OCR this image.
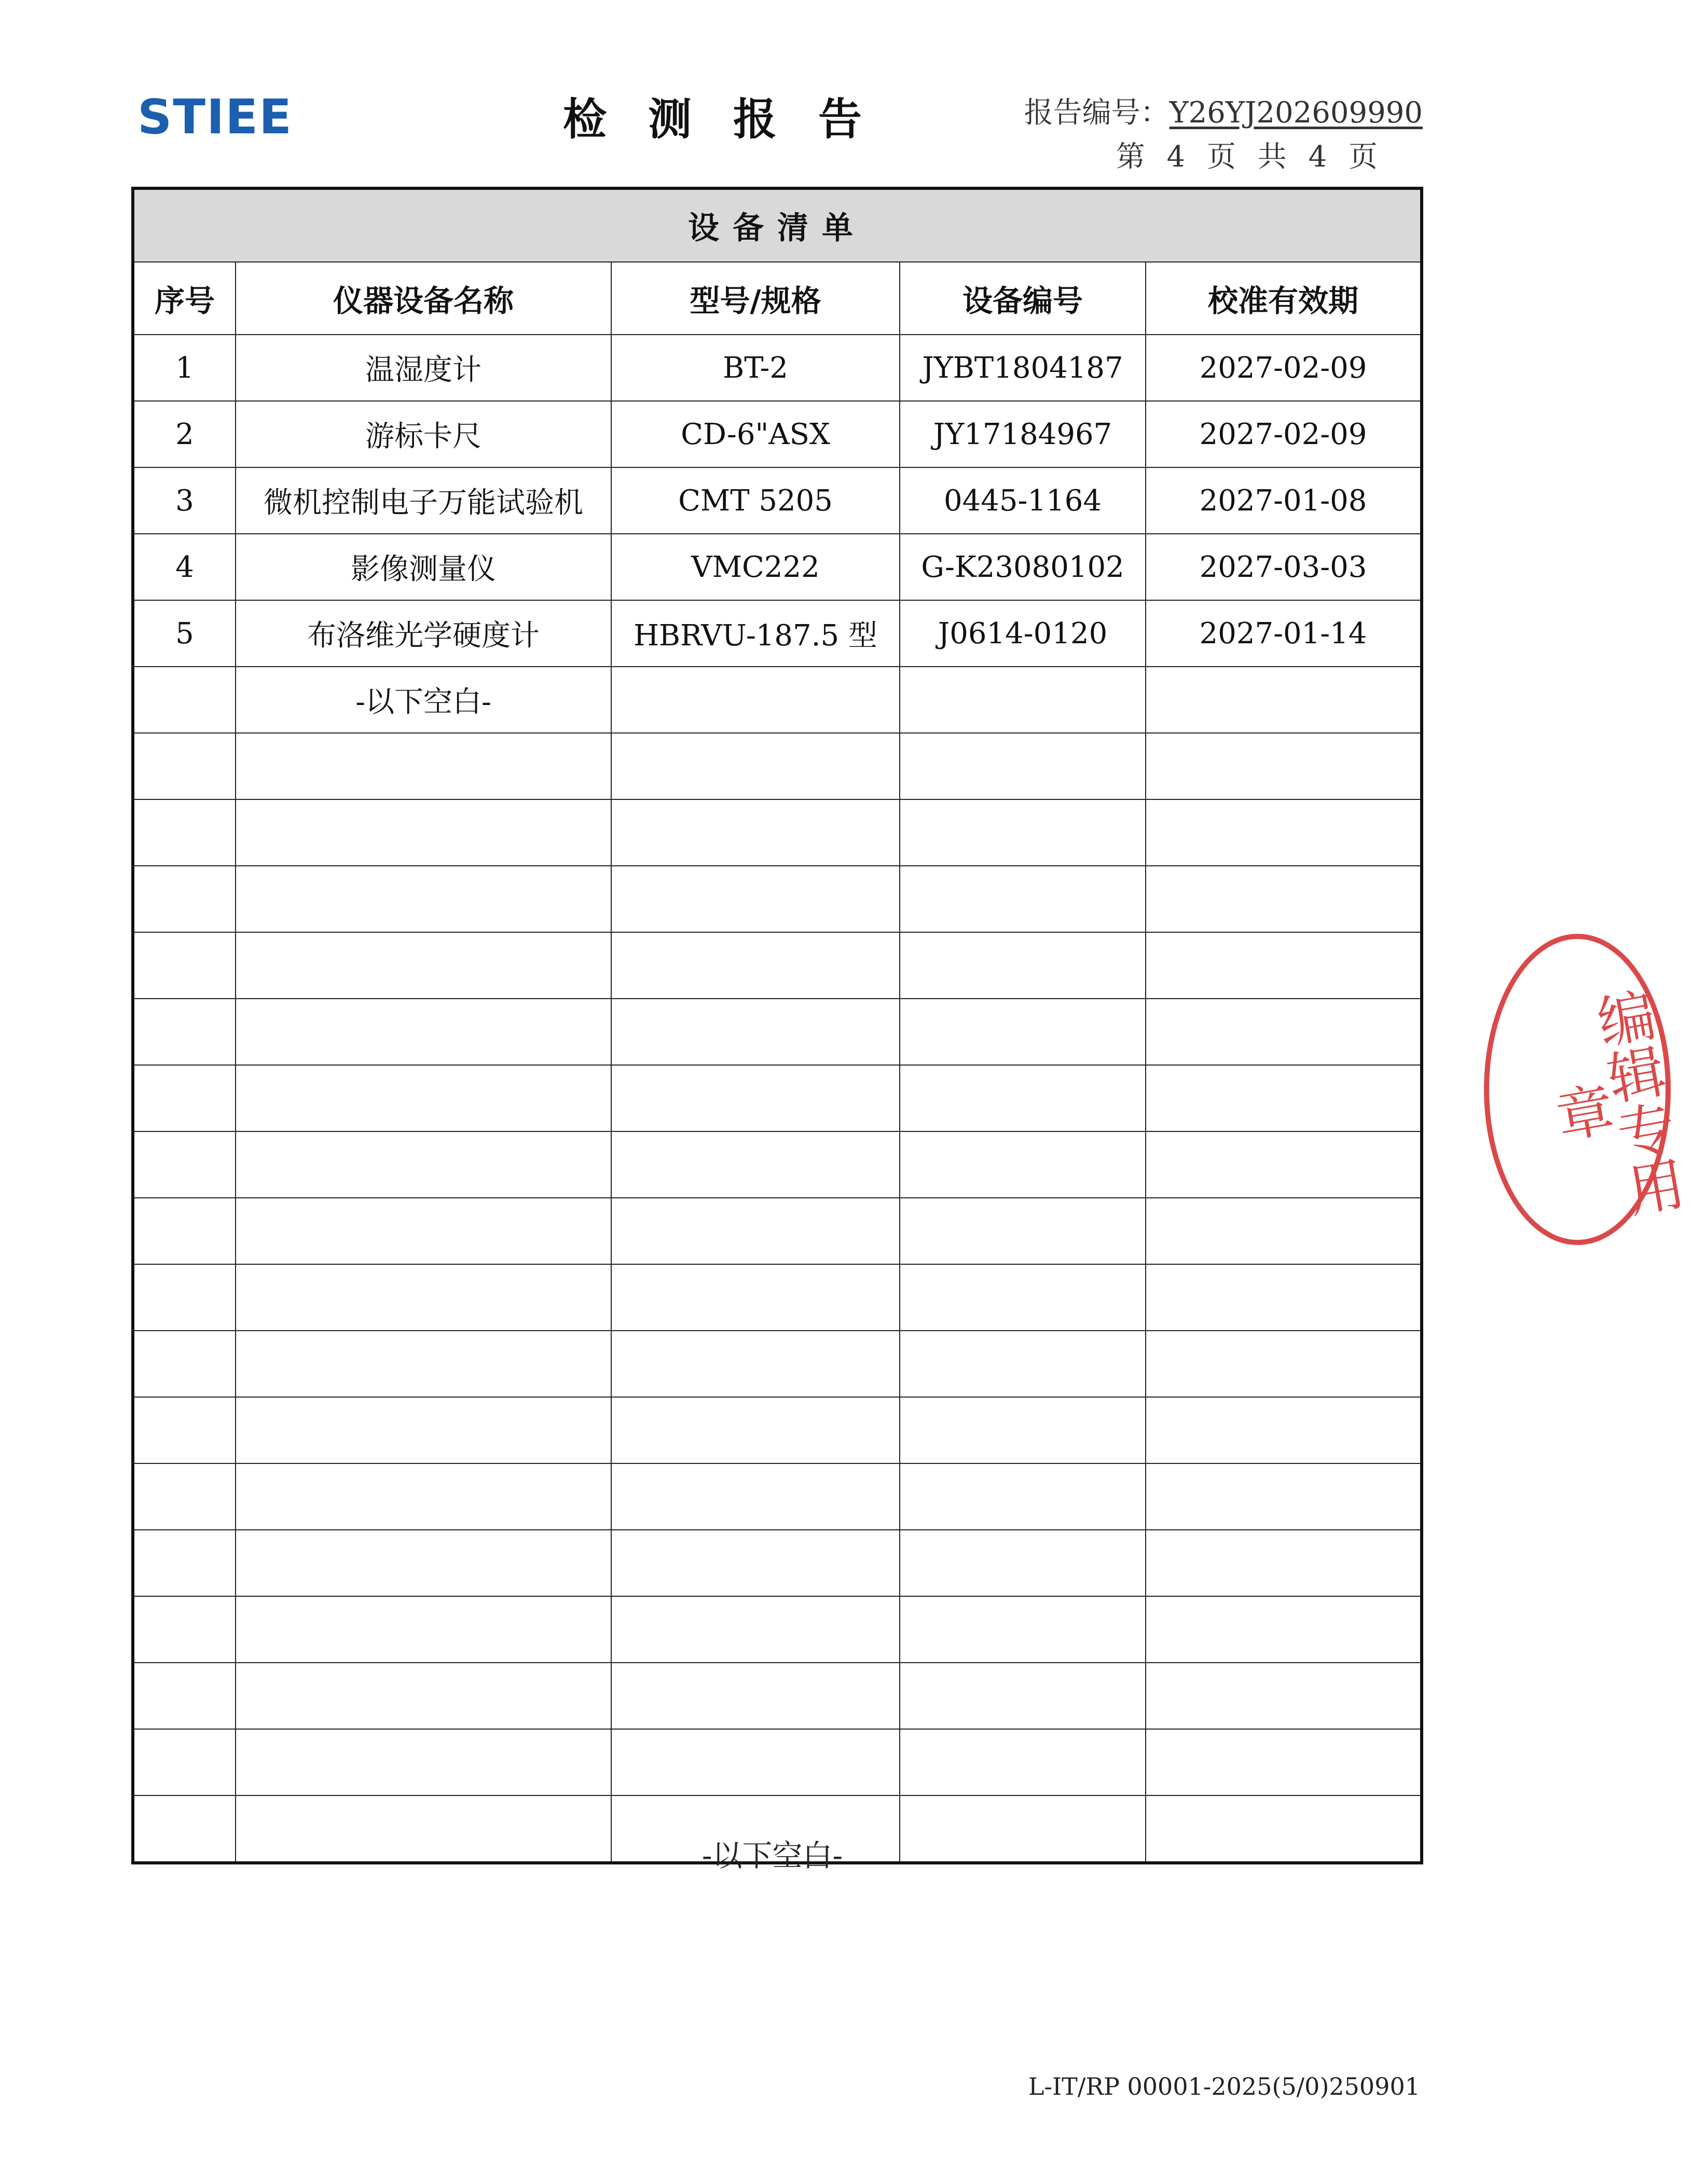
STIEE	检测报告	报告编号：Y26YJ202609990
第 4 页 共 4 页
设备清单				
序号	仪器设备名称	型号/规格	设备编号	校准有效期
1	温湿度计	BT-2	JYBT1804187	2027-02-09
2	游标卡尺	CD-6"ASX	JY17184967	2027-02-09
3	微机控制电子万能试验机	CMT 5205	0445-1164	2027-01-08
4	影像测量仪	VMC222	G-K23080102	2027-03-03
5	布洛维光学硬度计	HBRVU-187.5 型	J0614-0120	2027-01-14
	-以下空白-			

-以下空白-
L-IT/RP 00001-2025(5/0)250901
编辑专用章
